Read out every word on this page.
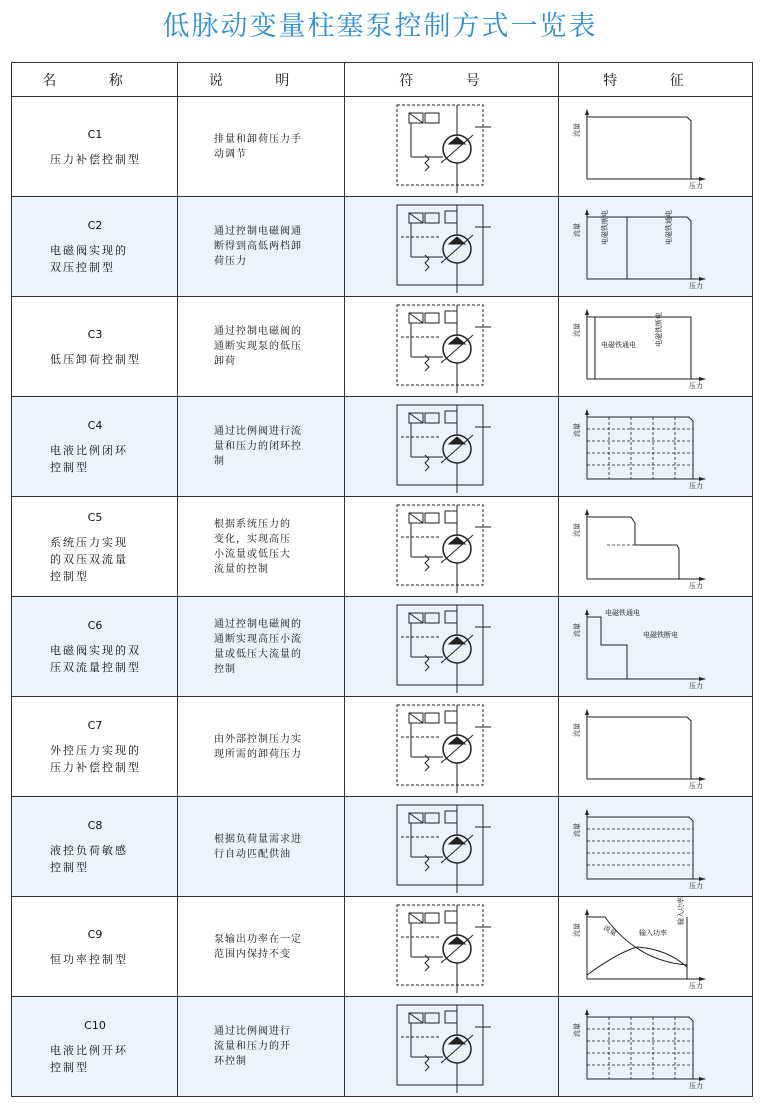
低脉动变量柱塞泵控制方式一览表
名 称	说 明	符 号	特 征

C1
压力补偿控制型	排量和卸荷压力手
动调节		流量
压力

C2
电磁阀实现的
双压控制型	通过控制电磁阀通
断得到高低两档卸
荷压力		流量
压力
电磁铁断电 电磁铁通电

C3
低压卸荷控制型	通过控制电磁阀的
通断实现泵的低压
卸荷		流量
压力
电磁铁通电 电磁铁断电

C4
电液比例闭环
控制型	通过比例阀进行流
量和压力的闭环控
制		流量
压力

C5
系统压力实现
的双压双流量
控制型	根据系统压力的
变化，实现高压
小流量或低压大
流量的控制		流量
压力

C6
电磁阀实现的双
压双流量控制型	通过控制电磁阀的
通断实现高压小流
量或低压大流量的
控制		流量
压力
电磁铁通电
电磁铁断电

C7
外控压力实现的
压力补偿控制型	由外部控制压力实
现所需的卸荷压力		流量
压力

C8
液控负荷敏感
控制型	根据负荷量需求进
行自动匹配供油		流量
压力

C9
恒功率控制型	泵输出功率在一定
范围内保持不变		流量
压力
流量 输入功率
输入功率

C10
电液比例开环
控制型	通过比例阀进行
流量和压力的开
环控制		流量
压力
